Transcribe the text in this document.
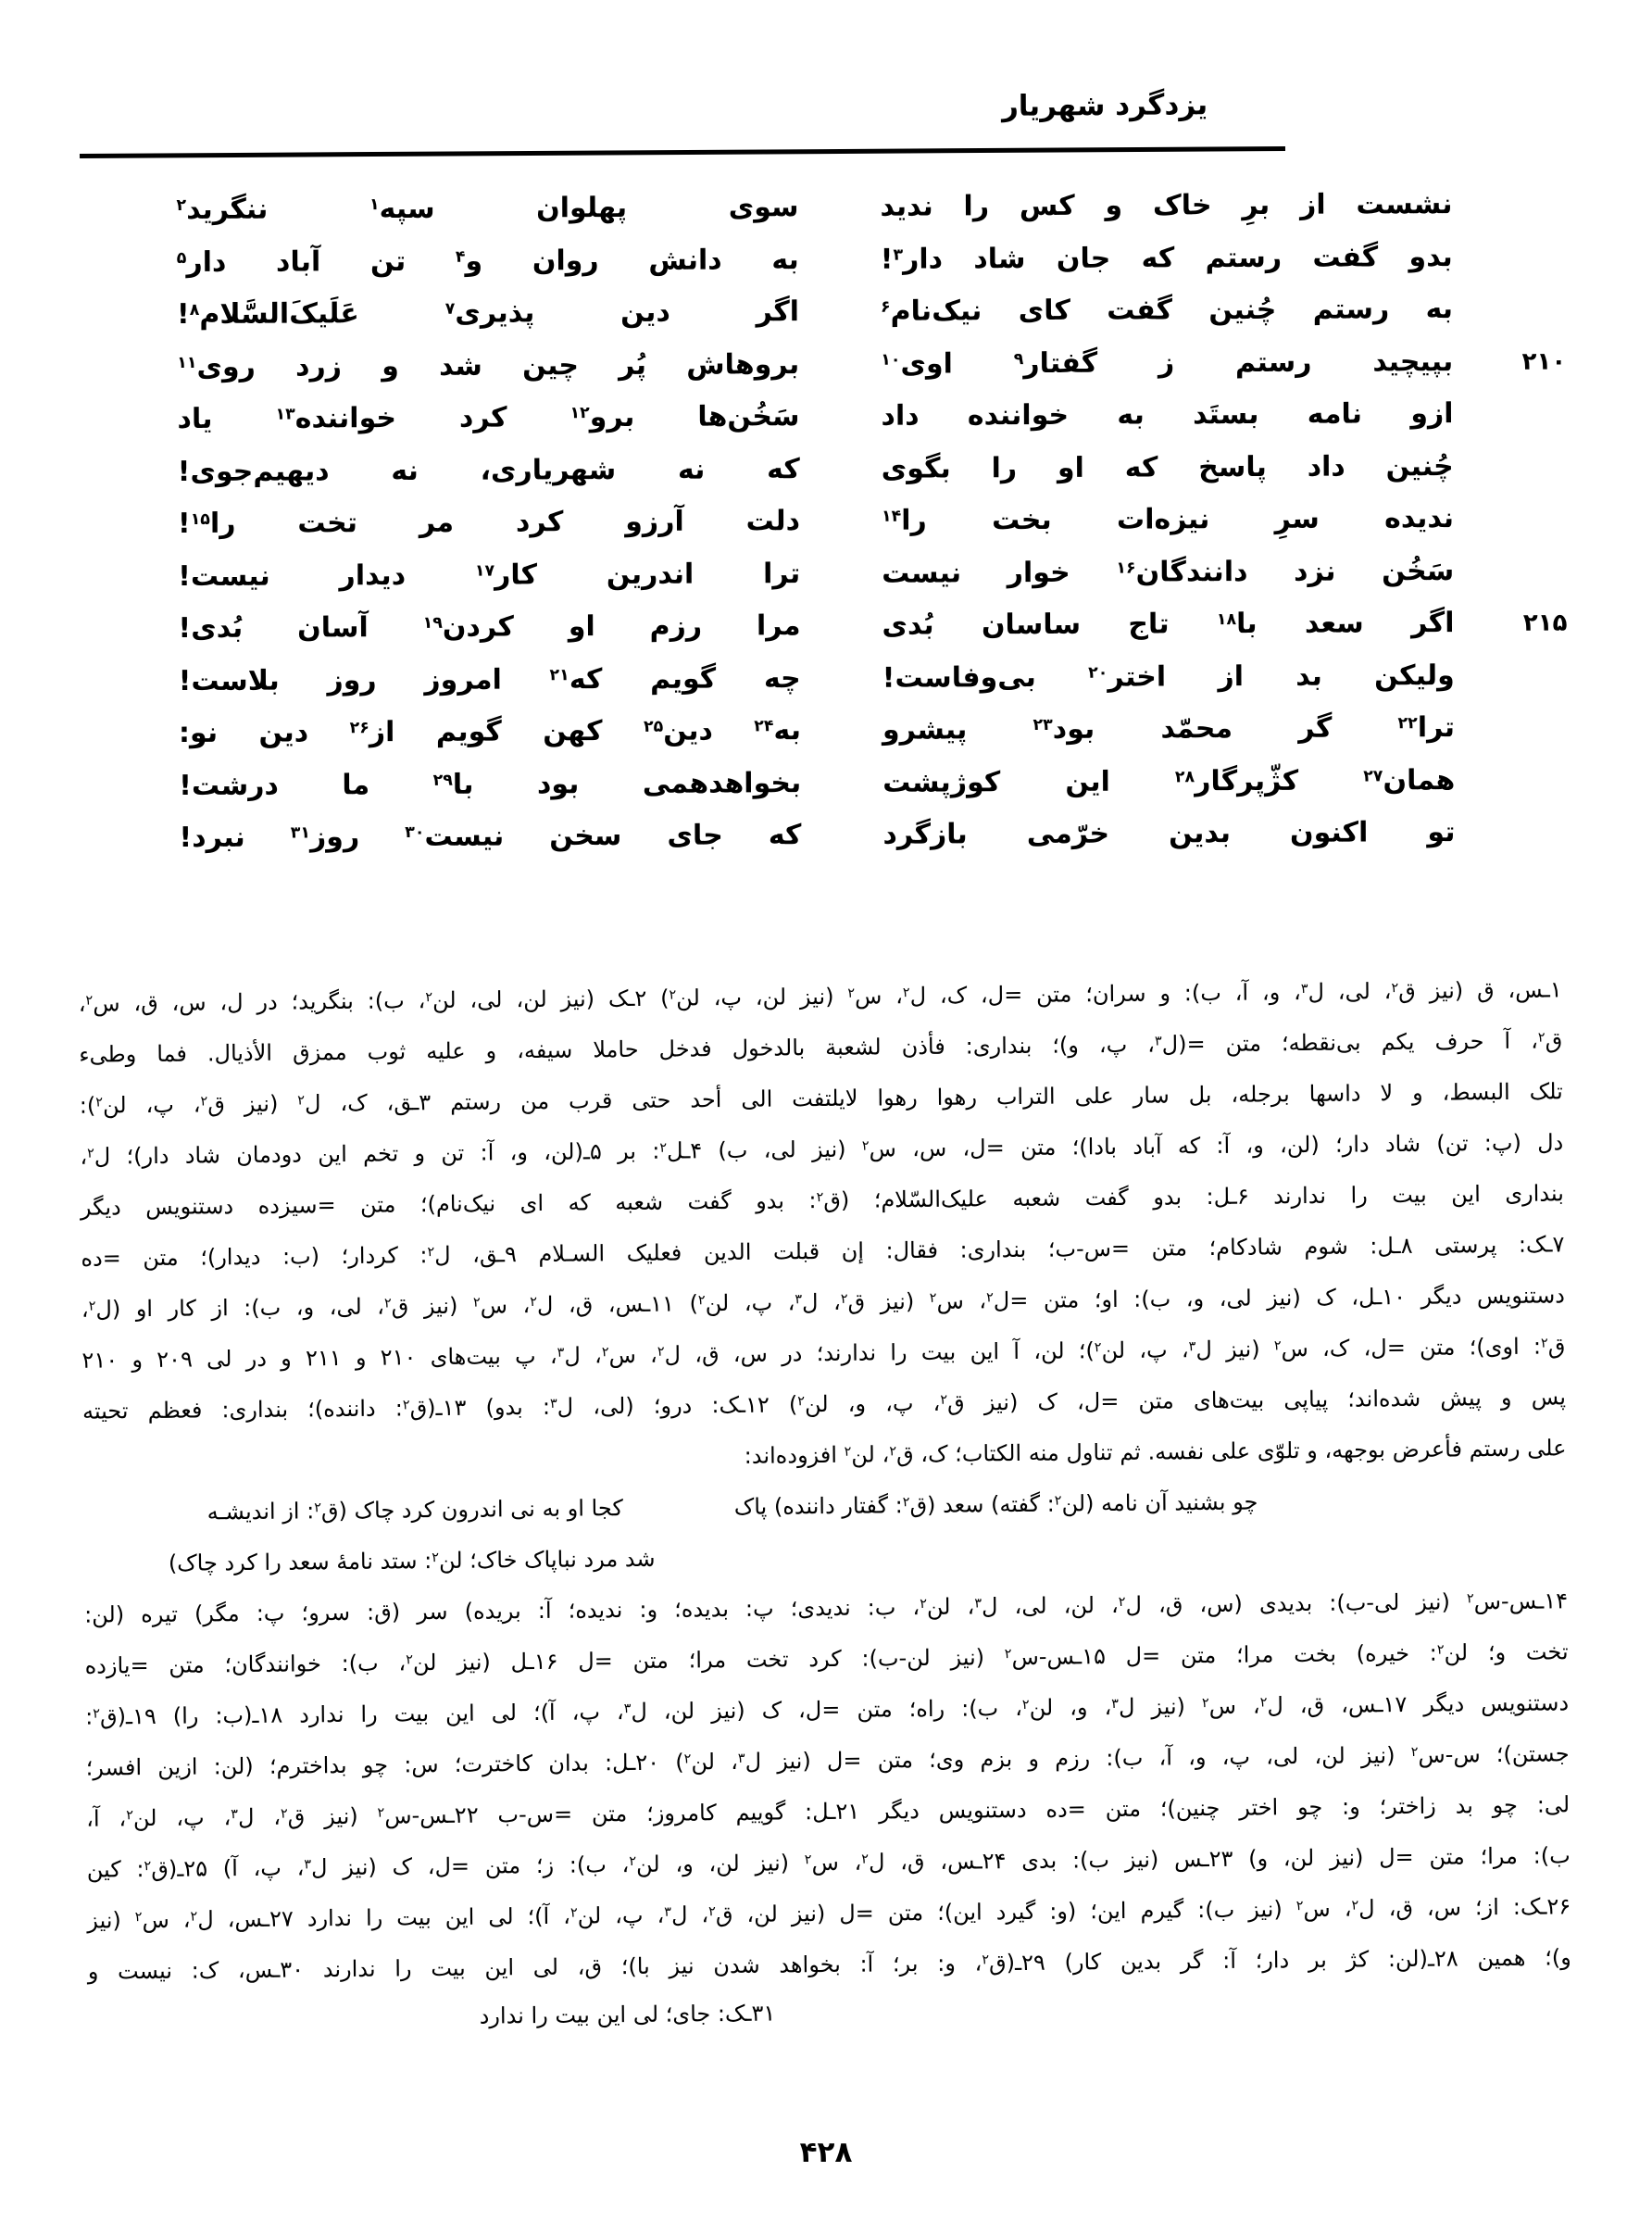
یزدگرد شهریار
نشست از برِ خاک و کس را ندید
سوی پهلوان سپه$^۱$ ننگرید$^۲$
بدو گفت رستم که جان شاد دار$^۳$!
به دانش روان و$^۴$ تن آباد دار$^۵$
به رستم چُنین گفت کای نیک‌نام$^۶$
اگر دین پذیری$^۷$ عَلَیکَ‌السَّلام$^۸$!
۲۱۰
بپیچید رستم ز گفتار$^۹$ اوی$^{۱۰}$
بروهاش پُر چین شد و زرد روی$^{۱۱}$
ازو نامه بستَد به خواننده داد
سَخُن‌ها برو$^{۱۲}$ کرد خواننده$^{۱۳}$ یاد
چُنین داد پاسخ که او را بگوی
که نه شهریاری، نه دیهیم‌جوی!
ندیده سرِ نیزه‌ات بخت را$^{۱۴}$
دلت آرزو کرد مر تخت را$^{۱۵}$!
سَخُن نزد دانندگان$^{۱۶}$ خوار نیست
ترا اندرین کار$^{۱۷}$ دیدار نیست!
۲۱۵
اگر سعد با$^{۱۸}$ تاج ساسان بُدی
مرا رزم او کردن$^{۱۹}$ آسان بُدی!
ولیکن بد از اختر$^{۲۰}$ بی‌وفاست!
چه گویم که$^{۲۱}$ امروز روز بلاست!
ترا$^{۲۲}$ گر محمّد بود$^{۲۳}$ پیشرو
به$^{۲۴}$ دین$^{۲۵}$ کهن گویم از$^{۲۶}$ دین نو:
همان$^{۲۷}$ کژّپرگار$^{۲۸}$ این کوژپشت
بخواهدهمی بود با$^{۲۹}$ ما درشت!
تو اکنون بدین خرّمی بازگرد
که جای سخن نیست$^{۳۰}$ روز$^{۳۱}$ نبرد!
۱ـس، ق (نیز ق$^۲$، لی، ل$^۳$، و، آ، ب): و سران؛ متن =ل، ک، ل$^۲$، س$^۲$ (نیز لن، پ، لن$^۲$) ۲ـک (نیز لن، لی، لن$^۲$، ب): بنگرید؛ در ل، س، ق، س$^۲$،
ق$^۲$، آ حرف یکم بی‌نقطه؛ متن =(ل$^۳$، پ، و)؛ بنداری: فأذن لشعبة بالدخول فدخل حاملا سیفه، و علیه ثوب ممزق الأذیال. فما وطیء
تلک البسط، و لا داسها برجله، بل سار علی التراب رهوا رهوا لایلتفت الی أحد حتی قرب من رستم ۳ـق، ک، ل$^۲$ (نیز ق$^۲$، پ، لن$^۲$):
دل (پ: تن) شاد دار؛ (لن، و، آ: که آباد بادا)؛ متن =ل، س، س$^۲$ (نیز لی، ب) ۴ـل$^۲$: بر ۵ـ(لن، و، آ: تن و تخم این دودمان شاد دار)؛ ل$^۲$،
بنداری این بیت را ندارند ۶ـل: بدو گفت شعبه علیک‌السّلام؛ (ق$^۲$: بدو گفت شعبه که ای نیک‌نام)؛ متن =سیزده دستنویس دیگر
۷ـک: پرستی ۸ـل: شوم شادکام؛ متن =س-ب؛ بنداری: فقال: إن قبلت الدین فعلیک السـلام ۹ـق، ل$^۲$: کردار؛ (ب: دیدار)؛ متن =ده
دستنویس دیگر ۱۰ـل، ک (نیز لی، و، ب): او؛ متن =ل$^۲$، س$^۲$ (نیز ق$^۲$، ل$^۳$، پ، لن$^۲$) ۱۱ـس، ق، ل$^۲$، س$^۲$ (نیز ق$^۲$، لی، و، ب): از کار او (ل$^۲$،
ق$^۲$: اوی)؛ متن =ل، ک، س$^۲$ (نیز ل$^۳$، پ، لن$^۲$)؛ لن، آ این بیت را ندارند؛ در س، ق، ل$^۲$، س$^۲$، ل$^۳$، پ بیت‌های ۲۱۰ و ۲۱۱ و در لی ۲۰۹ و ۲۱۰
پس و پیش شده‌اند؛ پیاپی بیت‌های متن =ل، ک (نیز ق$^۲$، پ، و، لن$^۲$) ۱۲ـک: درو؛ (لی، ل$^۳$: بدو) ۱۳ـ(ق$^۲$: داننده)؛ بنداری: فعظم تحیته
علی رستم فأعرض بوجهه، و تلوّی علی نفسه. ثم تناول منه الکتاب؛ ک، ق$^۲$، لن$^۲$ افزوده‌اند:
چو بشنید آن نامه (لن$^۲$: گفته) سعد (ق$^۲$: گفتار داننده) پاک
کجا او به نی اندرون کرد چاک (ق$^۲$: از اندیشـه
شد مرد نباپاک خاک؛ لن$^۲$: ستد نامهٔ سعد را کرد چاک)
۱۴ـس-س$^۲$ (نیز لی-ب): بدیدی (س، ق، ل$^۲$، لن، لی، ل$^۳$، لن$^۲$، ب: ندیدی؛ پ: بدیده؛ و: ندیده؛ آ: بریده) سر (ق: سرو؛ پ: مگر) تیره (لن:
تخت و؛ لن$^۲$: خیره) بخت مرا؛ متن =ل ۱۵ـس-س$^۲$ (نیز لن-ب): کرد تخت مرا؛ متن =ل ۱۶ـل (نیز لن$^۲$، ب): خوانندگان؛ متن =یازده
دستنویس دیگر ۱۷ـس، ق، ل$^۲$، س$^۲$ (نیز ل$^۳$، و، لن$^۲$، ب): راه؛ متن =ل، ک (نیز لن، ل$^۳$، پ، آ)؛ لی این بیت را ندارد ۱۸ـ(ب: را) ۱۹ـ(ق$^۲$:
جستن)؛ س-س$^۲$ (نیز لن، لی، پ، و، آ، ب): رزم و بزم وی؛ متن =ل (نیز ل$^۳$، لن$^۲$) ۲۰ـل: بدان کاخترت؛ س: چو بداخترم؛ (لن: ازین افسر؛
لی: چو بد زاختر؛ و: چو اختر چنین)؛ متن =ده دستنویس دیگر ۲۱ـل: گوییم کامروز؛ متن =س-ب ۲۲ـس-س$^۲$ (نیز ق$^۲$، ل$^۳$، پ، لن$^۲$، آ،
ب): مرا؛ متن =ل (نیز لن، و) ۲۳ـس (نیز ب): بدی ۲۴ـس، ق، ل$^۲$، س$^۲$ (نیز لن، و، لن$^۲$، ب): ز؛ متن =ل، ک (نیز ل$^۳$، پ، آ) ۲۵ـ(ق$^۲$: کین
۲۶ـک: از؛ س، ق، ل$^۲$، س$^۲$ (نیز ب): گیرم این؛ (و: گیرد این)؛ متن =ل (نیز لن، ق$^۲$، ل$^۳$، پ، لن$^۲$، آ)؛ لی این بیت را ندارد ۲۷ـس، ل$^۲$، س$^۲$ (نیز
و)؛ همین ۲۸ـ(لن: کژ بر دار؛ آ: گر بدین کار) ۲۹ـ(ق$^۲$، و: بر؛ آ: بخواهد شدن نیز با)؛ ق، لی این بیت را ندارند ۳۰ـس، ک: نیست و
۳۱ـک: جای؛ لی این بیت را ندارد
۴۲۸
